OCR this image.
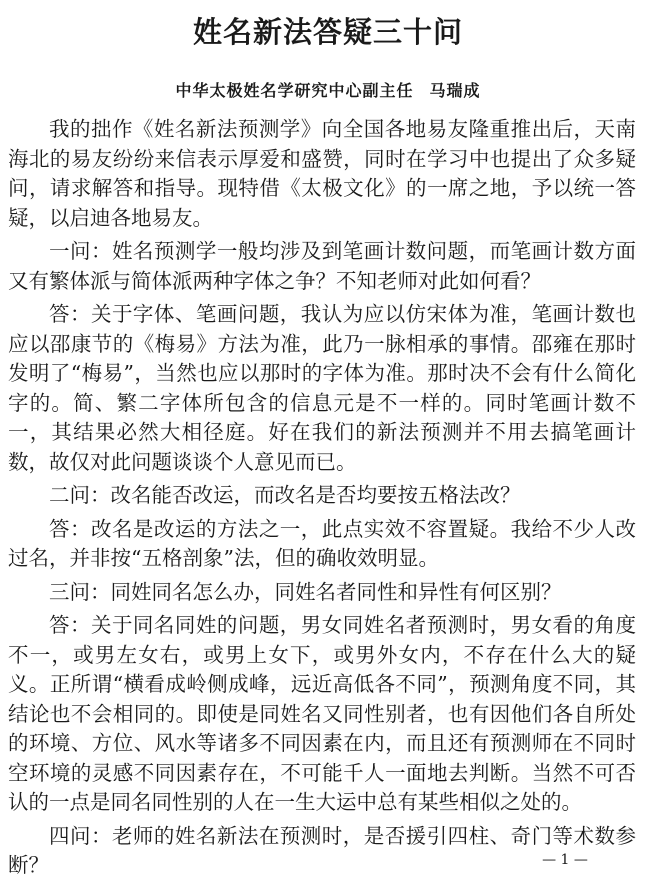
姓名新法答疑三十问
中华太极姓名学研究中心副主任 马瑞成

我的拙作《姓名新法预测学》向全国各地易友隆重推出后，天南海北的易友纷纷来信表示厚爱和盛赞，同时在学习中也提出了众多疑问，请求解答和指导。现特借《太极文化》的一席之地，予以统一答疑，以启迪各地易友。

一问：姓名预测学一般均涉及到笔画计数问题，而笔画计数方面又有繁体派与简体派两种字体之争？不知老师对此如何看？

答：关于字体、笔画问题，我认为应以仿宋体为准，笔画计数也应以邵康节的《梅易》方法为准，此乃一脉相承的事情。邵雍在那时发明了“梅易”，当然也应以那时的字体为准。那时决不会有什么简化字的。简、繁二字体所包含的信息元是不一样的。同时笔画计数不一，其结果必然大相径庭。好在我们的新法预测并不用去搞笔画计数，故仅对此问题谈谈个人意见而已。

二问：改名能否改运，而改名是否均要按五格法改？

答：改名是改运的方法之一，此点实效不容置疑。我给不少人改过名，并非按“五格剖象”法，但的确收效明显。

三问：同姓同名怎么办，同姓名者同性和异性有何区别？

答：关于同名同姓的问题，男女同姓名者预测时，男女看的角度不一，或男左女右，或男上女下，或男外女内，不存在什么大的疑义。正所谓“横看成岭侧成峰，远近高低各不同”，预测角度不同，其结论也不会相同的。即使是同姓名又同性别者，也有因他们各自所处的环境、方位、风水等诸多不同因素在内，而且还有预测师在不同时空环境的灵感不同因素存在，不可能千人一面地去判断。当然不可否认的一点是同名同性别的人在一生大运中总有某些相似之处的。

四问：老师的姓名新法在预测时，是否援引四柱、奇门等术数参断？	— 1 —
